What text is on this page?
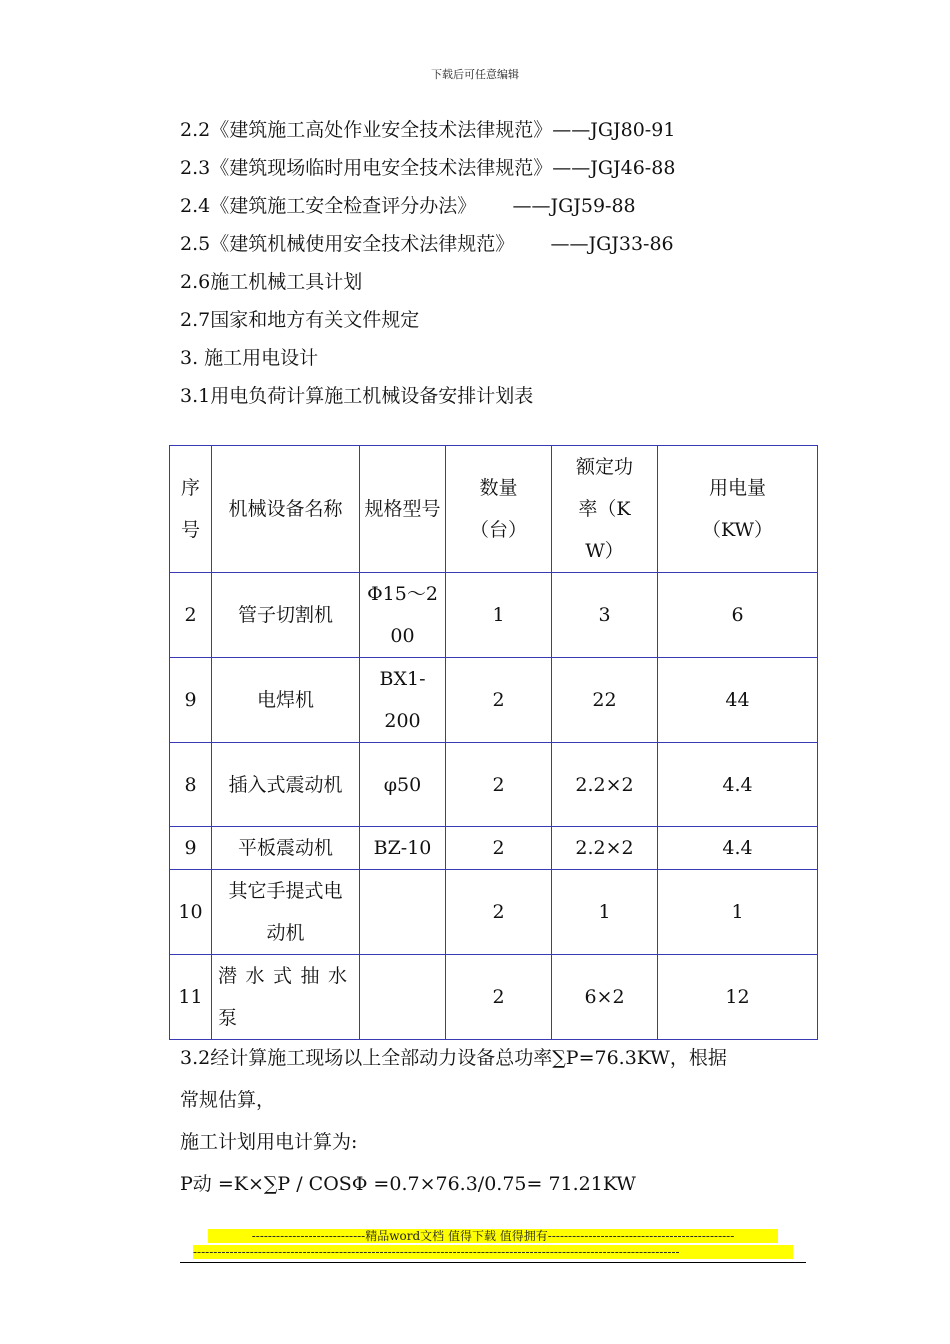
下载后可任意编辑
2.2《建筑施工高处作业安全技术法律规范》——JGJ80-91
2.3《建筑现场临时用电安全技术法律规范》——JGJ46-88
2.4《建筑施工安全检查评分办法》      ——JGJ59-88
2.5《建筑机械使用安全技术法律规范》      ——JGJ33-86
2.6施工机械工具计划
2.7国家和地方有关文件规定
3. 施工用电设计
3.1用电负荷计算施工机械设备安排计划表
序号	机械设备名称	规格型号	数量（台）	额定功率（KW）	用电量（KW）
2	管子切割机	Φ15～200	1	3	6
9	电焊机	BX1-200	2	22	44
8	插入式震动机	φ50	2	2.2×2	4.4
9	平板震动机	BZ-10	2	2.2×2	4.4
10	其它手提式电动机		2	1	1
11	潜水式抽水泵		2	6×2	12
3.2经计算施工现场以上全部动力设备总功率∑P=76.3KW，根据
常规估算，
施工计划用电计算为:
P动 =K×∑P / COSΦ =0.7×76.3/0.75= 71.21KW
----------------------------精品word文档 值得下载 值得拥有----------------------------------------------
------------------------------------------------------------------------------------------------------------------------
